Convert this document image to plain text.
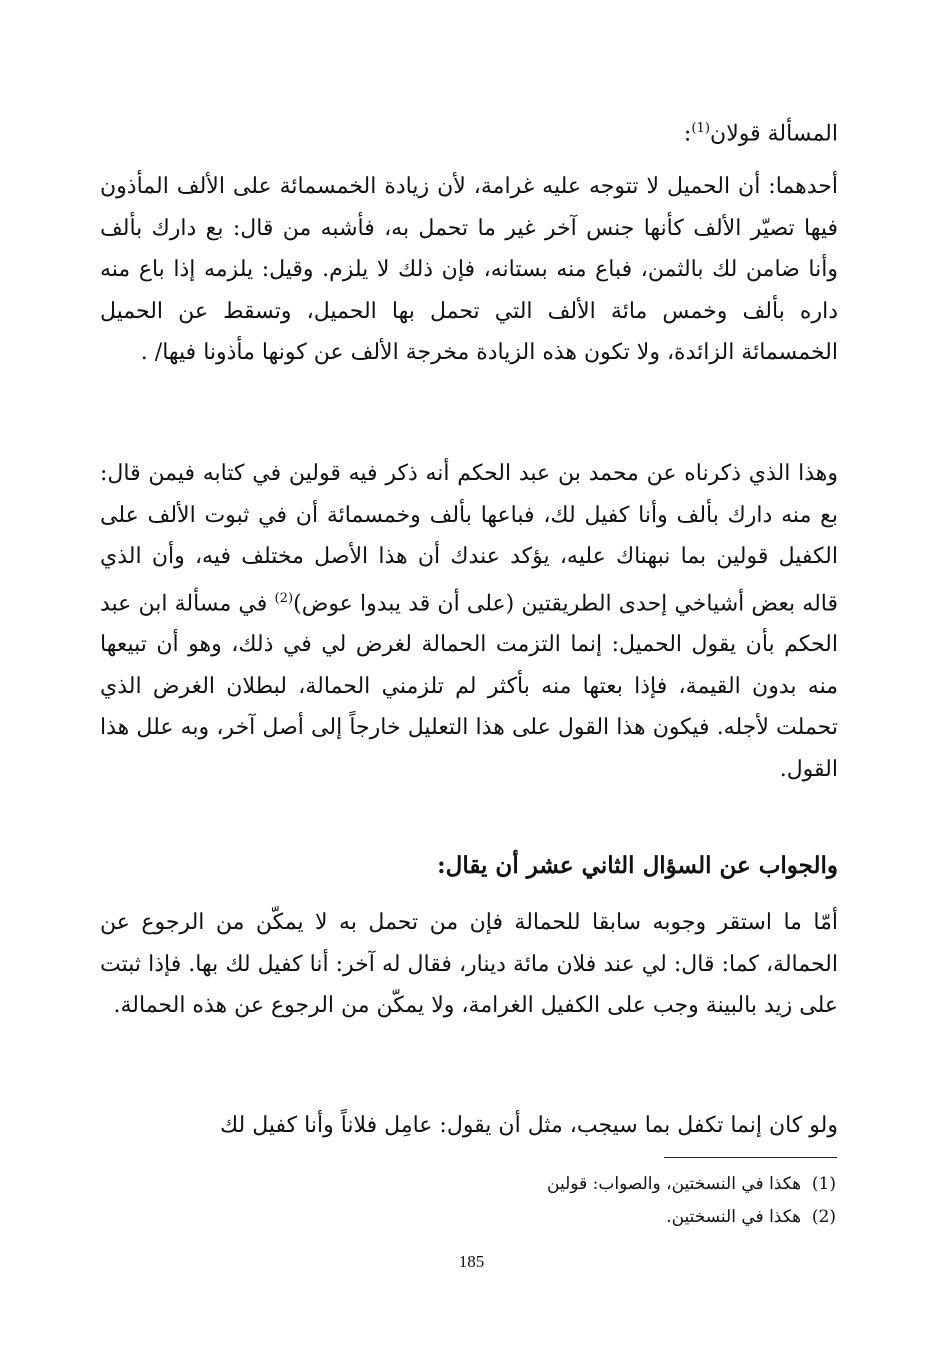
المسألة قولان$^{(1)}$:

أحدهما: أن الحميل لا تتوجه عليه غرامة، لأن زيادة الخمسمائة على الألف المأذون فيها تصيّر الألف كأنها جنس آخر غير ما تحمل به، فأشبه من قال: بع دارك بألف وأنا ضامن لك بالثمن، فباع منه بستانه، فإن ذلك لا يلزم. وقيل: يلزمه إذا باع منه داره بألف وخمس مائة الألف التي تحمل بها الحميل، وتسقط عن الحميل الخمسمائة الزائدة، ولا تكون هذه الزيادة مخرجة الألف عن كونها مأذونا فيها/ .

وهذا الذي ذكرناه عن محمد بن عبد الحكم أنه ذكر فيه قولين في كتابه فيمن قال: بع منه دارك بألف وأنا كفيل لك، فباعها بألف وخمسمائة أن في ثبوت الألف على الكفيل قولين بما نبهناك عليه، يؤكد عندك أن هذا الأصل مختلف فيه، وأن الذي قاله بعض أشياخي إحدى الطريقتين (على أن قد يبدوا عوض)$^{(2)}$ في مسألة ابن عبد الحكم بأن يقول الحميل: إنما التزمت الحمالة لغرض لي في ذلك، وهو أن تبيعها منه بدون القيمة، فإذا بعتها منه بأكثر لم تلزمني الحمالة، لبطلان الغرض الذي تحملت لأجله. فيكون هذا القول على هذا التعليل خارجاً إلى أصل آخر، وبه علل هذا القول.

والجواب عن السؤال الثاني عشر أن يقال:

أمّا ما استقر وجوبه سابقا للحمالة فإن من تحمل به لا يمكّن من الرجوع عن الحمالة، كما: قال: لي عند فلان مائة دينار، فقال له آخر: أنا كفيل لك بها. فإذا ثبتت على زيد بالبينة وجب على الكفيل الغرامة، ولا يمكّن من الرجوع عن هذه الحمالة.

ولو كان إنما تكفل بما سيجب، مثل أن يقول: عامِل فلاناً وأنا كفيل لك

(1)  هكذا في النسختين، والصواب: قولين

(2)  هكذا في النسختين.

185
